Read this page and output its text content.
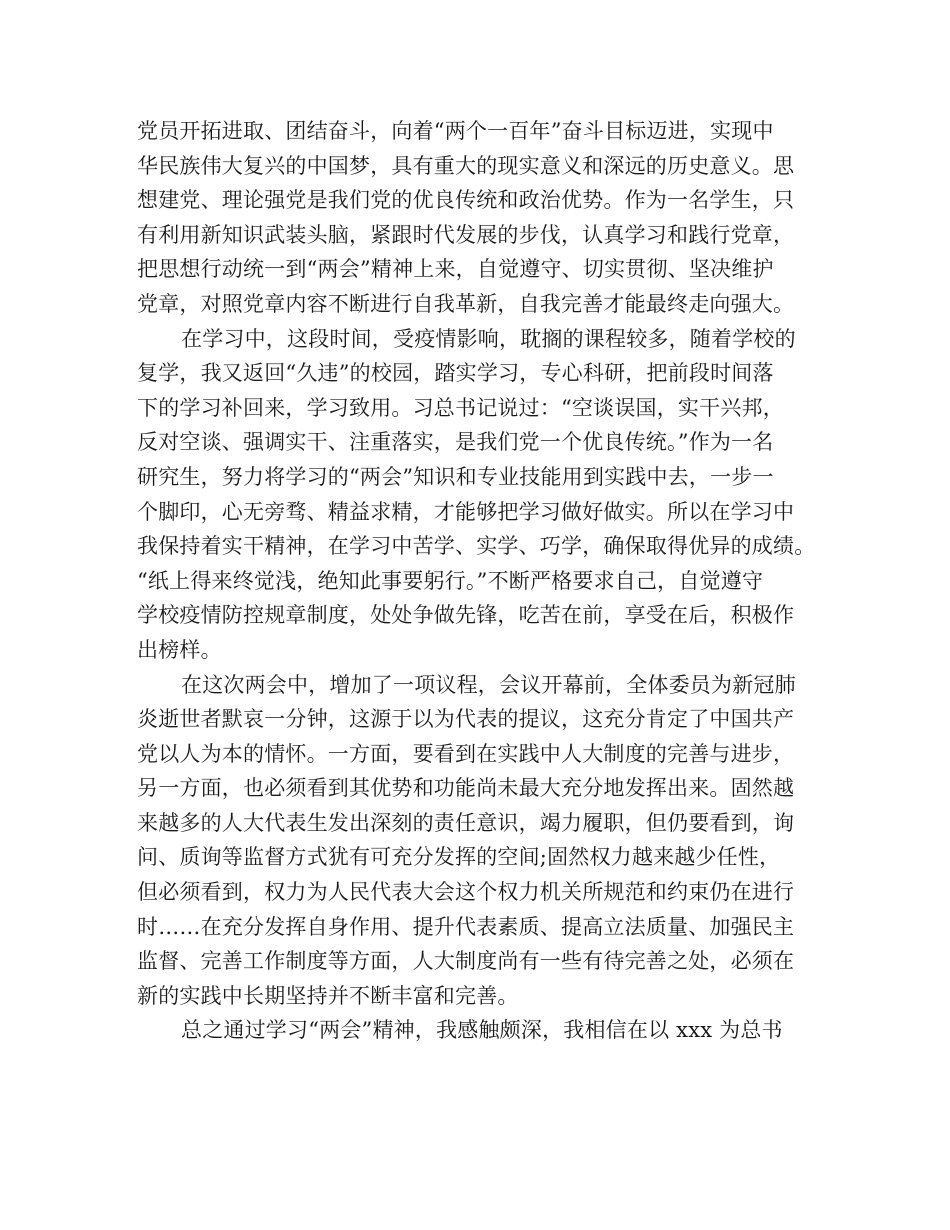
党员开拓进取、团结奋斗，向着“两个一百年”奋斗目标迈进，实现中
华民族伟大复兴的中国梦，具有重大的现实意义和深远的历史意义。思
想建党、理论强党是我们党的优良传统和政治优势。作为一名学生，只
有利用新知识武装头脑，紧跟时代发展的步伐，认真学习和践行党章，
把思想行动统一到“两会”精神上来，自觉遵守、切实贯彻、坚决维护
党章，对照党章内容不断进行自我革新，自我完善才能最终走向强大。
在学习中，这段时间，受疫情影响，耽搁的课程较多，随着学校的
复学，我又返回“久违”的校园，踏实学习，专心科研，把前段时间落
下的学习补回来，学习致用。习总书记说过：“空谈误国，实干兴邦，
反对空谈、强调实干、注重落实，是我们党一个优良传统。”作为一名
研究生，努力将学习的“两会”知识和专业技能用到实践中去，一步一
个脚印，心无旁骛、精益求精，才能够把学习做好做实。所以在学习中
我保持着实干精神，在学习中苦学、实学、巧学，确保取得优异的成绩。
“纸上得来终觉浅，绝知此事要躬行。”不断严格要求自己，自觉遵守
学校疫情防控规章制度，处处争做先锋，吃苦在前，享受在后，积极作
出榜样。
在这次两会中，增加了一项议程，会议开幕前，全体委员为新冠肺
炎逝世者默哀一分钟，这源于以为代表的提议，这充分肯定了中国共产
党以人为本的情怀。一方面，要看到在实践中人大制度的完善与进步，
另一方面，也必须看到其优势和功能尚未最大充分地发挥出来。固然越
来越多的人大代表生发出深刻的责任意识，竭力履职，但仍要看到，询
问、质询等监督方式犹有可充分发挥的空间;固然权力越来越少任性，
但必须看到，权力为人民代表大会这个权力机关所规范和约束仍在进行
时……在充分发挥自身作用、提升代表素质、提高立法质量、加强民主
监督、完善工作制度等方面，人大制度尚有一些有待完善之处，必须在
新的实践中长期坚持并不断丰富和完善。
总之通过学习“两会”精神，我感触颇深，我相信在以 xxx 为总书
